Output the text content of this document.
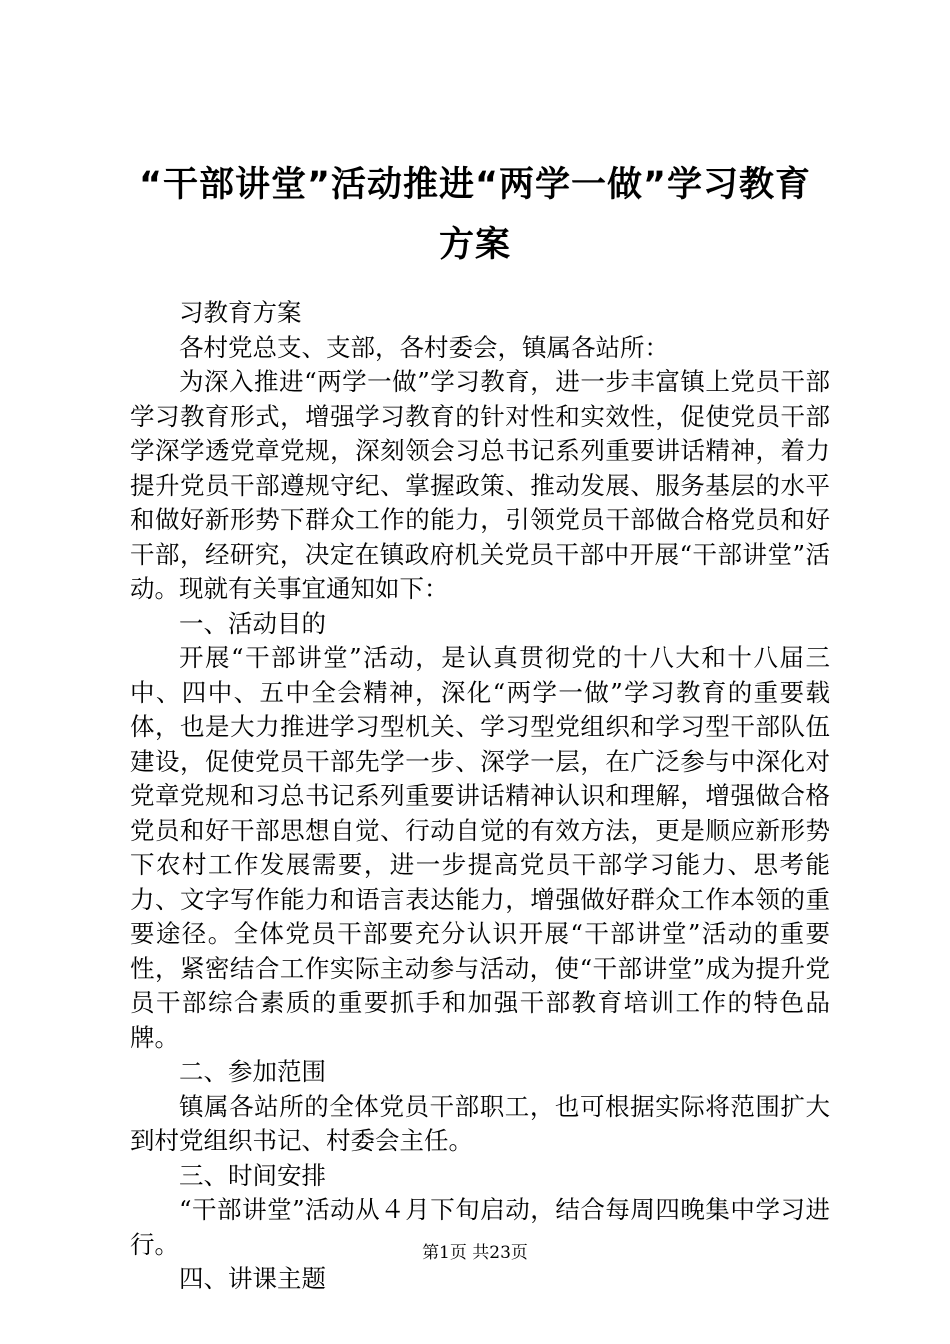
“干部讲堂”活动推进“两学一做”学习教育
方案

习教育方案

各村党总支、支部，各村委会，镇属各站所：

为深入推进“两学一做”学习教育，进一步丰富镇上党员干部学习教育形式，增强学习教育的针对性和实效性，促使党员干部学深学透党章党规，深刻领会习总书记系列重要讲话精神，着力提升党员干部遵规守纪、掌握政策、推动发展、服务基层的水平和做好新形势下群众工作的能力，引领党员干部做合格党员和好干部，经研究，决定在镇政府机关党员干部中开展“干部讲堂”活动。现就有关事宜通知如下：

一、活动目的

开展“干部讲堂”活动，是认真贯彻党的十八大和十八届三中、四中、五中全会精神，深化“两学一做”学习教育的重要载体，也是大力推进学习型机关、学习型党组织和学习型干部队伍建设，促使党员干部先学一步、深学一层，在广泛参与中深化对党章党规和习总书记系列重要讲话精神认识和理解，增强做合格党员和好干部思想自觉、行动自觉的有效方法，更是顺应新形势下农村工作发展需要，进一步提高党员干部学习能力、思考能力、文字写作能力和语言表达能力，增强做好群众工作本领的重要途径。全体党员干部要充分认识开展“干部讲堂”活动的重要性，紧密结合工作实际主动参与活动，使“干部讲堂”成为提升党员干部综合素质的重要抓手和加强干部教育培训工作的特色品牌。

二、参加范围

镇属各站所的全体党员干部职工，也可根据实际将范围扩大到村党组织书记、村委会主任。

三、时间安排

“干部讲堂”活动从４月下旬启动，结合每周四晚集中学习进行。

四、讲课主题

第1页 共23页
